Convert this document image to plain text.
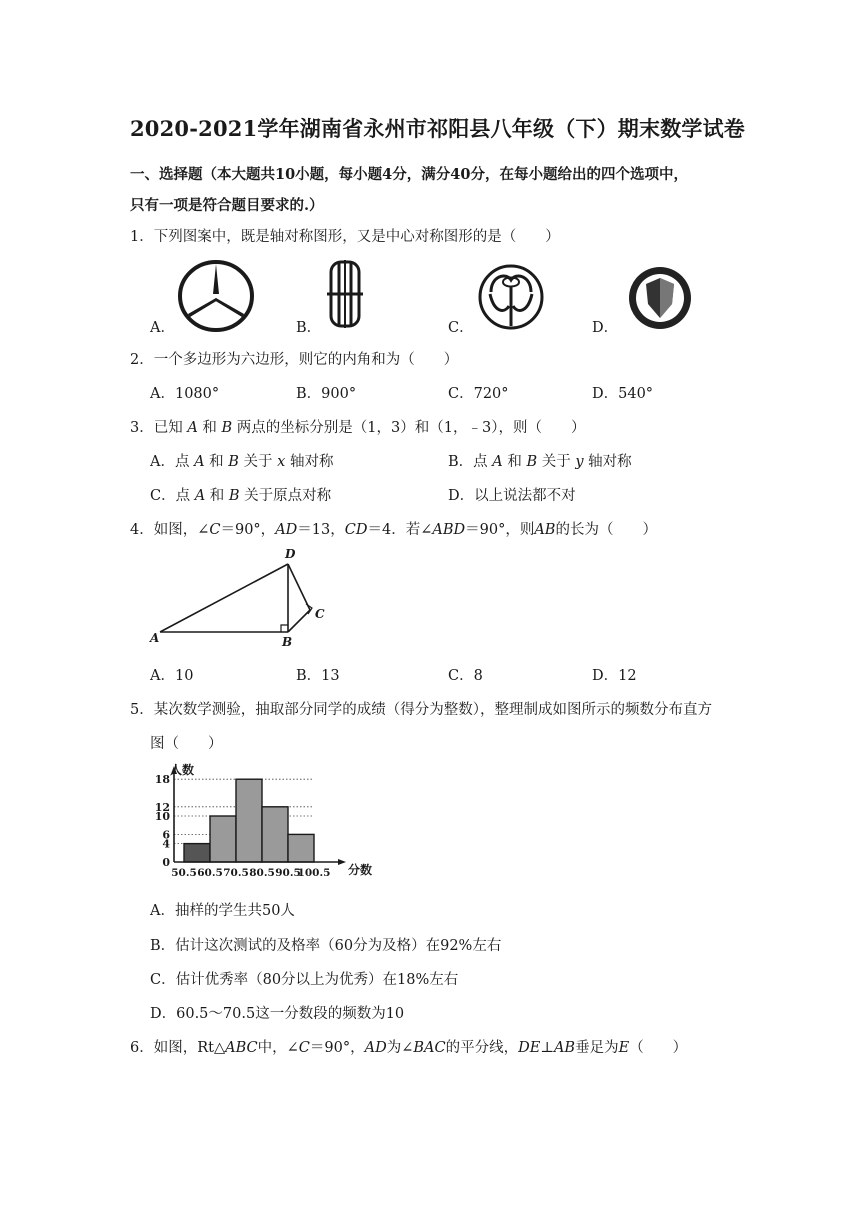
2020-2021学年湖南省永州市祁阳县八年级（下）期末数学试卷
一、选择题（本大题共10小题，每小题4分，满分40分，在每小题给出的四个选项中，
只有一项是符合题目要求的.）
1．下列图案中，既是轴对称图形，又是中心对称图形的是（　　）
A．	B．	C．	D．
2．一个多边形为六边形，则它的内角和为（　　）
A．1080°	B．900°	C．720°	D．540°
3．已知 A 和 B 两点的坐标分别是（1，3）和（1，﹣3），则（　　）
A．点 A 和 B 关于 x 轴对称	B．点 A 和 B 关于 y 轴对称
C．点 A 和 B 关于原点对称	D．以上说法都不对
4．如图，∠C＝90°，AD＝13，CD＝4．若∠ABD＝90°，则AB的长为（　　）
D
C
A	B
A．10	B．13	C．8	D．12
5．某次数学测验，抽取部分同学的成绩（得分为整数），整理制成如图所示的频数分布直方
图（　　）
0
4
6
10
12
18
50.5 60.5 70.5 80.5 90.5
100.5
人数
分数
A．抽样的学生共50人
B．估计这次测试的及格率（60分为及格）在92%左右
C．估计优秀率（80分以上为优秀）在18%左右
D．60.5～70.5这一分数段的频数为10
6．如图，Rt△ABC中，∠C＝90°，AD为∠BAC的平分线，DE⊥AB垂足为E（　　）
